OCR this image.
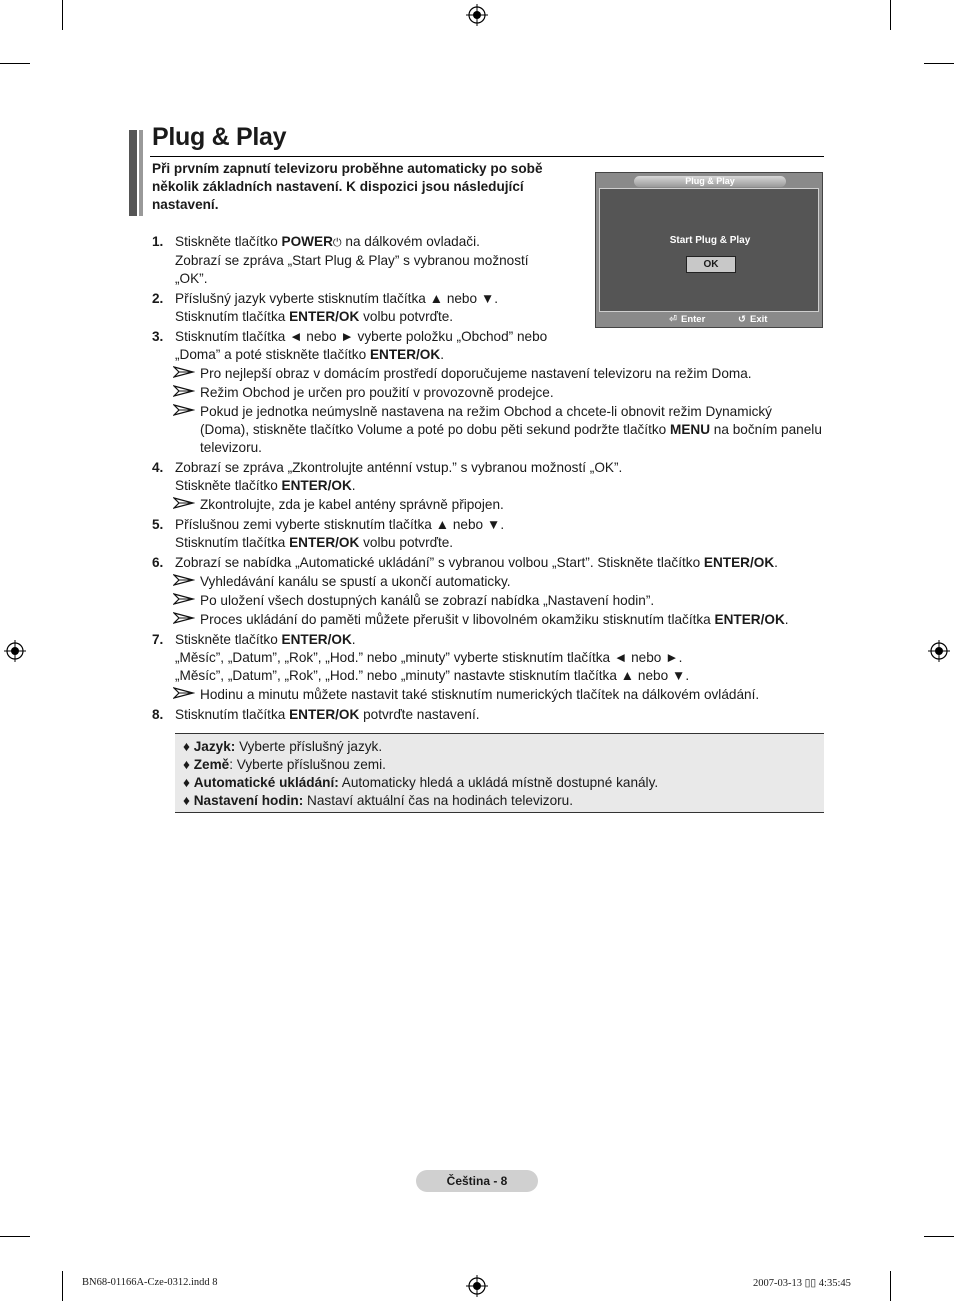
Plug & Play
Při prvním zapnutí televizoru proběhne automaticky po sobě několik základních nastavení. K dispozici jsou následující nastavení.
Plug & Play
Start Plug & Play
OK
⏎ Enter	↺ Exit
1. Stiskněte tlačítko POWER⏻ na dálkovém ovladači.
Zobrazí se zpráva „Start Plug & Play” s vybranou možností „OK”.
2. Příslušný jazyk vyberte stisknutím tlačítka ▲ nebo ▼.
Stisknutím tlačítka ENTER/OK volbu potvrďte.
3. Stisknutím tlačítka ◄ nebo ► vyberte položku „Obchod” nebo „Doma” a poté stiskněte tlačítko ENTER/OK.
Pro nejlepší obraz v domácím prostředí doporučujeme nastavení televizoru na režim Doma.
Režim Obchod je určen pro použití v provozovně prodejce.
Pokud je jednotka neúmyslně nastavena na režim Obchod a chcete-li obnovit režim Dynamický (Doma), stiskněte tlačítko Volume a poté po dobu pěti sekund podržte tlačítko MENU na bočním panelu televizoru.
4. Zobrazí se zpráva „Zkontrolujte anténní vstup.” s vybranou možností „OK”.
Stiskněte tlačítko ENTER/OK.
Zkontrolujte, zda je kabel antény správně připojen.
5. Příslušnou zemi vyberte stisknutím tlačítka ▲ nebo ▼.
Stisknutím tlačítka ENTER/OK volbu potvrďte.
6. Zobrazí se nabídka „Automatické ukládání” s vybranou volbou „Start”. Stiskněte tlačítko ENTER/OK.
Vyhledávání kanálu se spustí a ukončí automaticky.
Po uložení všech dostupných kanálů se zobrazí nabídka „Nastavení hodin”.
Proces ukládání do paměti můžete přerušit v libovolném okamžiku stisknutím tlačítka ENTER/OK.
7. Stiskněte tlačítko ENTER/OK.
„Měsíc”, „Datum”, „Rok”, „Hod.” nebo „minuty” vyberte stisknutím tlačítka ◄ nebo ►.
„Měsíc”, „Datum”, „Rok”, „Hod.” nebo „minuty” nastavte stisknutím tlačítka ▲ nebo ▼.
Hodinu a minutu můžete nastavit také stisknutím numerických tlačítek na dálkovém ovládání.
8. Stisknutím tlačítka ENTER/OK potvrďte nastavení.
♦ Jazyk: Vyberte příslušný jazyk.
♦ Země: Vyberte příslušnou zemi.
♦ Automatické ukládání: Automaticky hledá a ukládá místně dostupné kanály.
♦ Nastavení hodin: Nastaví aktuální čas na hodinách televizoru.
Čeština - 8
BN68-01166A-Cze-0312.indd 8	2007-03-13 ▯▯ 4:35:45
